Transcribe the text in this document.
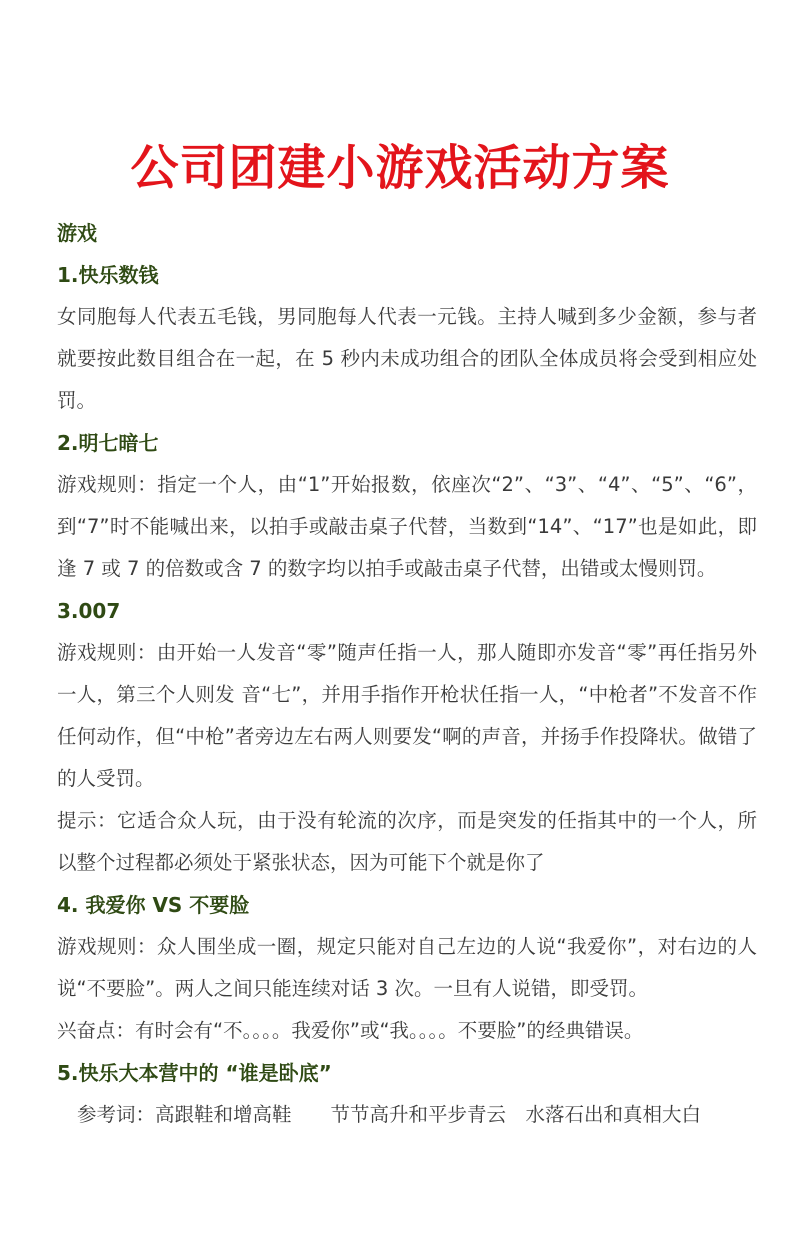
公司团建小游戏活动方案
游戏
1.快乐数钱
女同胞每人代表五毛钱，男同胞每人代表一元钱。主持人喊到多少金额，参与者就要按此数目组合在一起，在 5 秒内未成功组合的团队全体成员将会受到相应处罚。
2.明七暗七
游戏规则：指定一个人，由“1”开始报数，依座次“2”、“3”、“4”、“5”、“6”，到“7”时不能喊出来，以拍手或敲击桌子代替，当数到“14”、“17”也是如此，即逢 7 或 7 的倍数或含 7 的数字均以拍手或敲击桌子代替，出错或太慢则罚。
3.007
游戏规则：由开始一人发音“零”随声任指一人，那人随即亦发音“零”再任指另外一人，第三个人则发 音“七”，并用手指作开枪状任指一人，“中枪者”不发音不作任何动作，但“中枪”者旁边左右两人则要发“啊的声音，并扬手作投降状。做错了的人受罚。
提示：它适合众人玩，由于没有轮流的次序，而是突发的任指其中的一个人，所以整个过程都必须处于紧张状态，因为可能下个就是你了
4. 我爱你 VS 不要脸
游戏规则：众人围坐成一圈，规定只能对自己左边的人说“我爱你”，对右边的人说“不要脸”。两人之间只能连续对话 3 次。一旦有人说错，即受罚。
兴奋点：有时会有“不。。。。我爱你”或“我。。。。不要脸”的经典错误。
5.快乐大本营中的 “谁是卧底”
参考词：高跟鞋和增高鞋　　节节高升和平步青云　水落石出和真相大白
